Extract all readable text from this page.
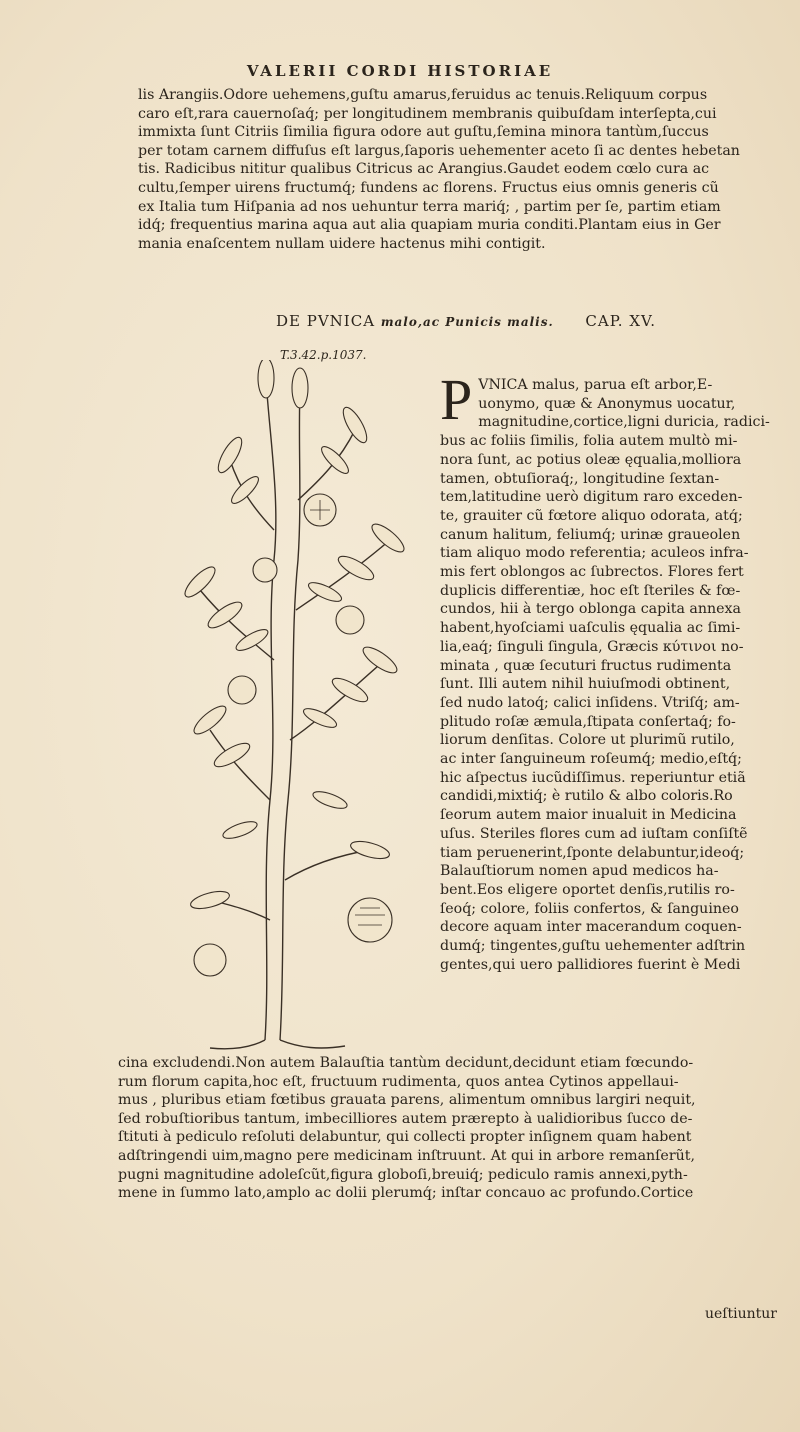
VALERII CORDI HISTORIAE
lis Arangiis.Odore uehemens,guſtu amarus,feruidus ac tenuis.Reliquum corpus
caro eſt,rara cauernoſaq́; per longitudinem membranis quibuſdam interſepta,cui
immixta ſunt Citriis ſimilia figura odore aut guſtu,ſemina minora tantùm,ſuccus
per totam carnem diffuſus eſt largus,ſaporis uehementer aceto ſi ac dentes hebetan
tis. Radicibus nititur qualibus Citricus ac Arangius.Gaudet eodem cœlo cura ac
cultu,ſemper uirens fructumq́; fundens ac florens. Fructus eius omnis generis cũ
ex Italia tum Hiſpania ad nos uehuntur terra mariq́; , partim per ſe, partim etiam
idq́; frequentius marina aqua aut alia quapiam muria conditi.Plantam eius in Ger
mania enaſcentem nullam uidere hactenus mihi contigit.
DE PVNICA malo,ac Punicis malis. CAP. XV.
T.3.42.p.1037.
P VNICA malus, parua eſt arbor,E-
uonymo, quæ & Anonymus uocatur,
magnitudine,cortice,ligni duricia, radici-
bus ac foliis ſimilis, folia autem multò mi-
nora ſunt, ac potius oleæ ęqualia,molliora
tamen, obtuſioraq́;, longitudine ſextan-
tem,latitudine uerò digitum raro exceden-
te, grauiter cũ fœtore aliquo odorata, atq́;
canum halitum, feliumq́; urinæ graueolen
tiam aliquo modo referentia; aculeos infra-
mis fert oblongos ac ſubrectos. Flores fert
duplicis differentiæ, hoc eſt ſteriles & fœ-
cundos, hii à tergo oblonga capita annexa
habent,hyoſciami uaſculis ęqualia ac ſimi-
lia,eaq́; ſinguli ſingula, Græcis κύτινοι no-
minata , quæ ſecuturi fructus rudimenta
ſunt. Illi autem nihil huiuſmodi obtinent,
ſed nudo latoq́; calici inſidens. Vtriſq́; am-
plitudo roſæ æmula,ſtipata conſertaq́; fo-
liorum denſitas. Colore ut plurimũ rutilo,
ac inter ſanguineum roſeumq́; medio,eſtq́;
hic aſpectus iucũdiſſimus. reperiuntur etiã
candidi,mixtiq́; è rutilo & albo coloris.Ro
ſeorum autem maior inualuit in Medicina
uſus. Steriles flores cum ad iuſtam conſiſtẽ
tiam peruenerint,ſponte delabuntur,ideoq́;
Balauſtiorum nomen apud medicos ha-
bent.Eos eligere oportet denſis,rutilis ro-
ſeoq́; colore, foliis confertos, & ſanguineo
decore aquam inter macerandum coquen-
dumq́; tingentes,guſtu uehementer adſtrin
gentes,qui uero pallidiores fuerint è Medi
cina excludendi.Non autem Balauſtia tantùm decidunt,decidunt etiam fœcundo-
rum florum capita,hoc eſt, fructuum rudimenta, quos antea Cytinos appellaui-
mus , pluribus etiam fœtibus grauata parens, alimentum omnibus largiri nequit,
ſed robuſtioribus tantum, imbecilliores autem prærepto à ualidioribus ſucco de-
ſtituti à pediculo reſoluti delabuntur, qui collecti propter inſignem quam habent
adſtringendi uim,magno pere medicinam inſtruunt. At qui in arbore remanſerũt,
pugni magnitudine adoleſcũt,figura globoſi,breuiq́; pediculo ramis annexi,pyth-
mene in ſummo lato,amplo ac dolii plerumq́; inſtar concauo ac profundo.Cortice
ueſtiuntur
